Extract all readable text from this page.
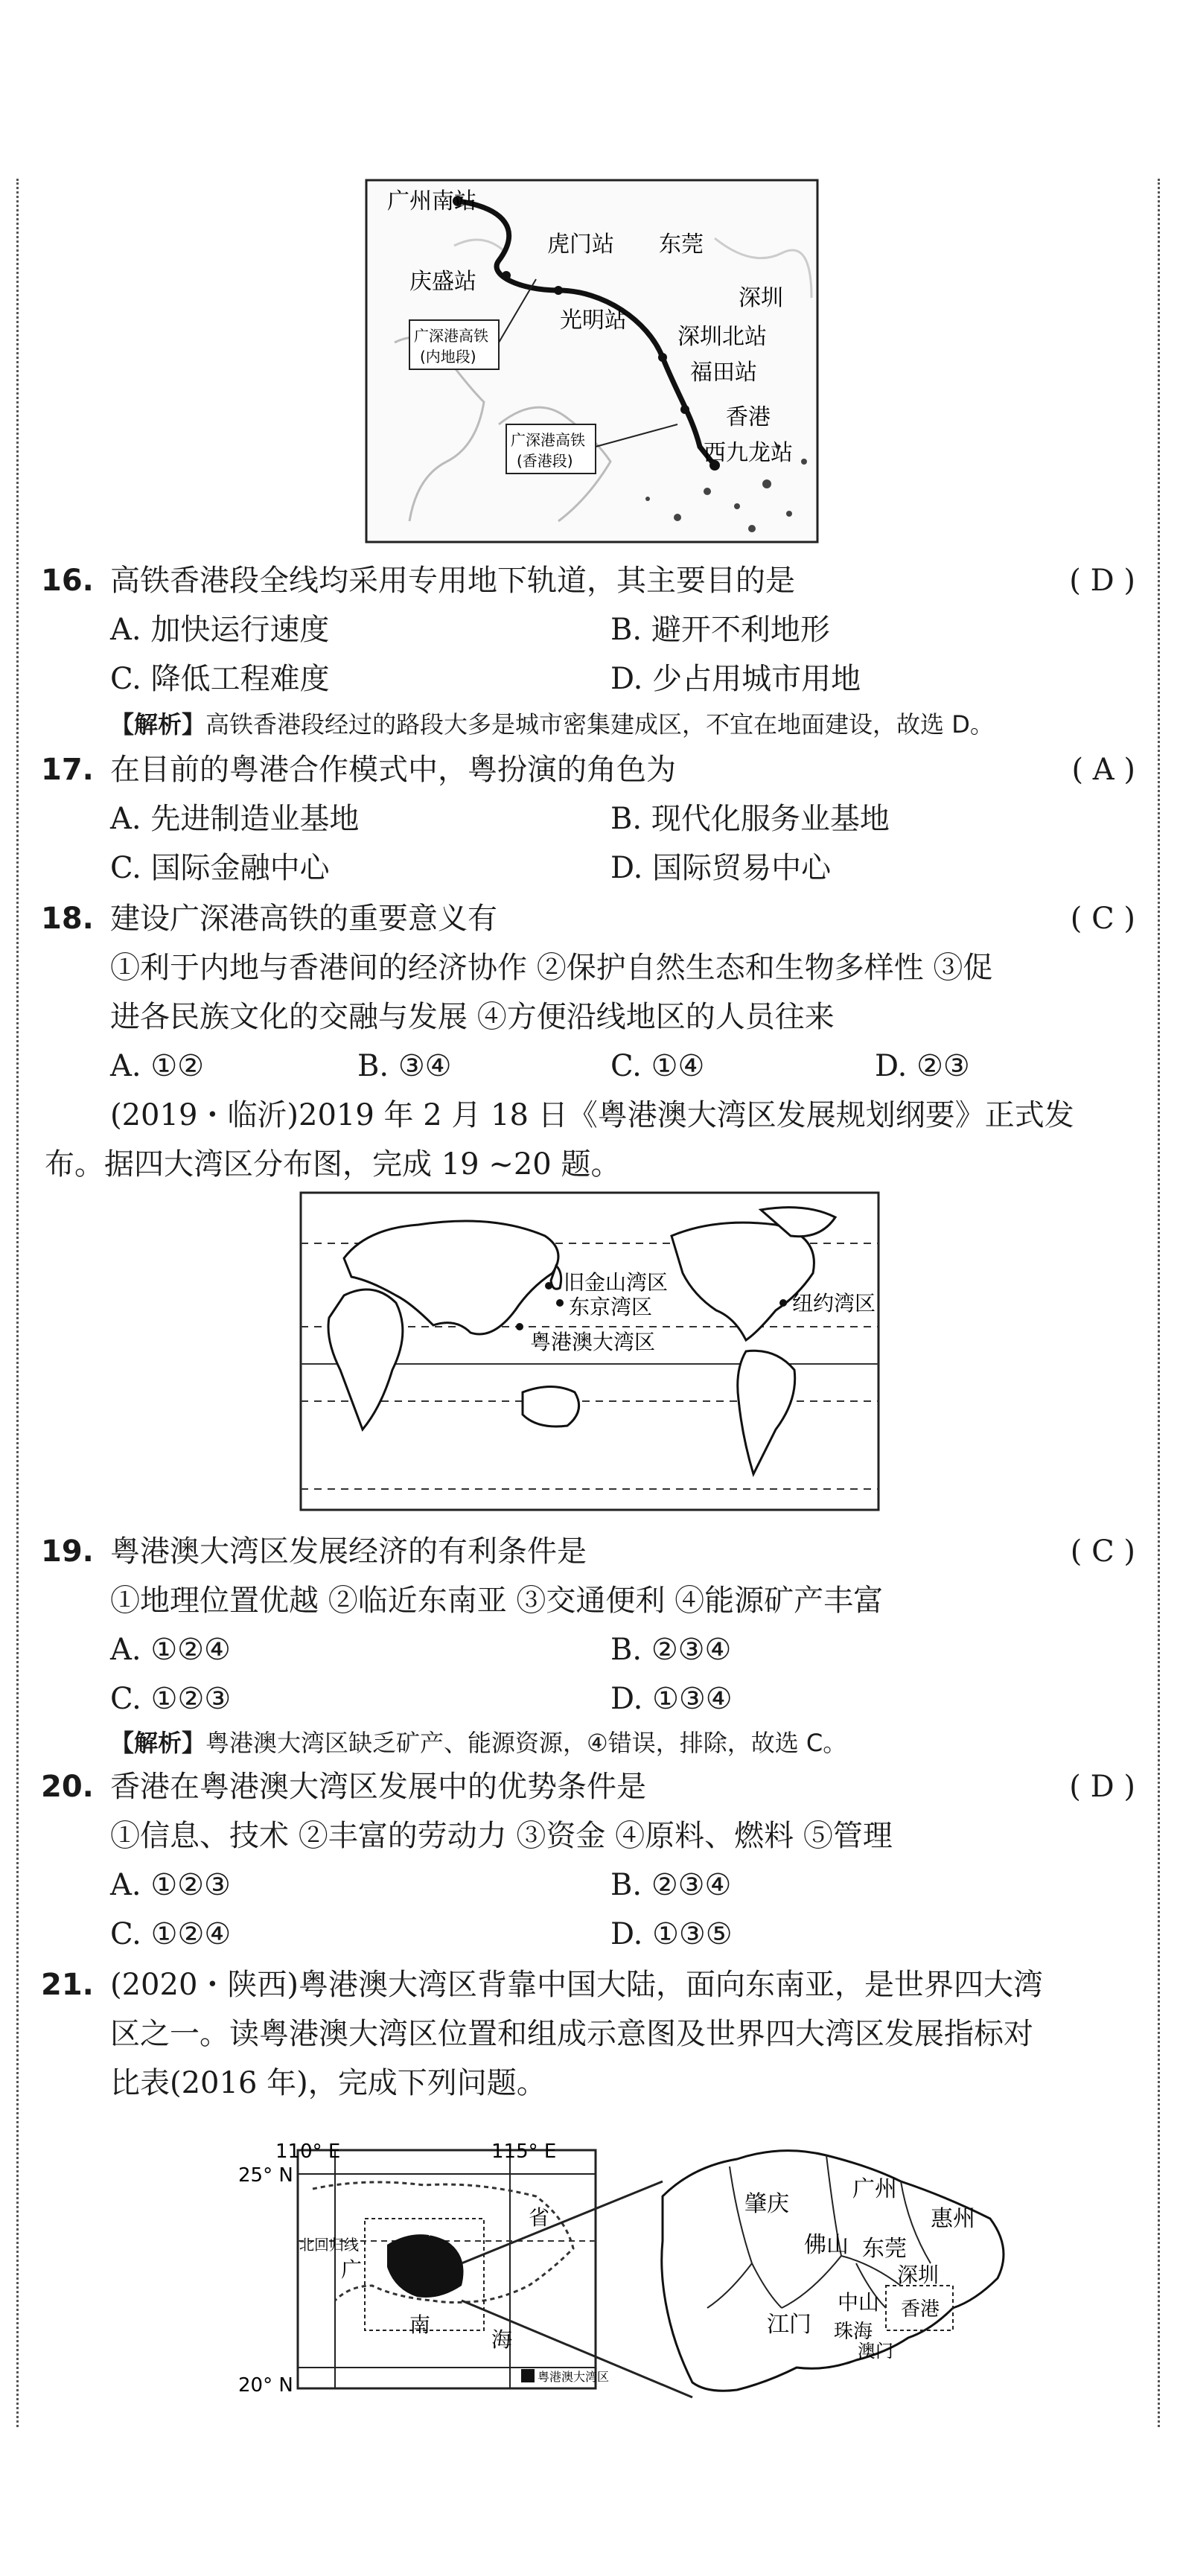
广州南站
虎门站 东莞
庆盛站
光明站
深圳
深圳北站
福田站
香港
西九龙站
广深港高铁
(内地段)
广深港高铁
(香港段)
16. 高铁香港段全线均采用专用地下轨道，其主要目的是	( D )
A. 加快运行速度	B. 避开不利地形
C. 降低工程难度	D. 少占用城市用地
【解析】高铁香港段经过的路段大多是城市密集建成区，不宜在地面建设，故选 D。
17. 在目前的粤港合作模式中，粤扮演的角色为	( A )
A. 先进制造业基地	B. 现代化服务业基地
C. 国际金融中心	D. 国际贸易中心
18. 建设广深港高铁的重要意义有	( C )
①利于内地与香港间的经济协作 ②保护自然生态和生物多样性 ③促
进各民族文化的交融与发展 ④方便沿线地区的人员往来
A. ①②	B. ③④	C. ①④	D. ②③
(2019・临沂)2019 年 2 月 18 日《粤港澳大湾区发展规划纲要》正式发
布。据四大湾区分布图，完成 19 ~20 题。
旧金山湾区
东京湾区	纽约湾区
粤港澳大湾区
19. 粤港澳大湾区发展经济的有利条件是	( C )
①地理位置优越 ②临近东南亚 ③交通便利 ④能源矿产丰富
A. ①②④	B. ②③④
C. ①②③	D. ①③④
【解析】粤港澳大湾区缺乏矿产、能源资源，④错误，排除，故选 C。
20. 香港在粤港澳大湾区发展中的优势条件是	( D )
①信息、技术 ②丰富的劳动力 ③资金 ④原料、燃料 ⑤管理
A. ①②③	B. ②③④
C. ①②④	D. ①③⑤
21. (2020・陕西)粤港澳大湾区背靠中国大陆，面向东南亚，是世界四大湾
区之一。读粤港澳大湾区位置和组成示意图及世界四大湾区发展指标对
比表(2016 年)，完成下列问题。
110° E	115° E
25° N
20° N
北回归线
广
东	省
南
海
粤港澳大湾区
肇庆
广州
惠州
佛山 东莞
深圳
江门
中山
珠海
澳门
香港
